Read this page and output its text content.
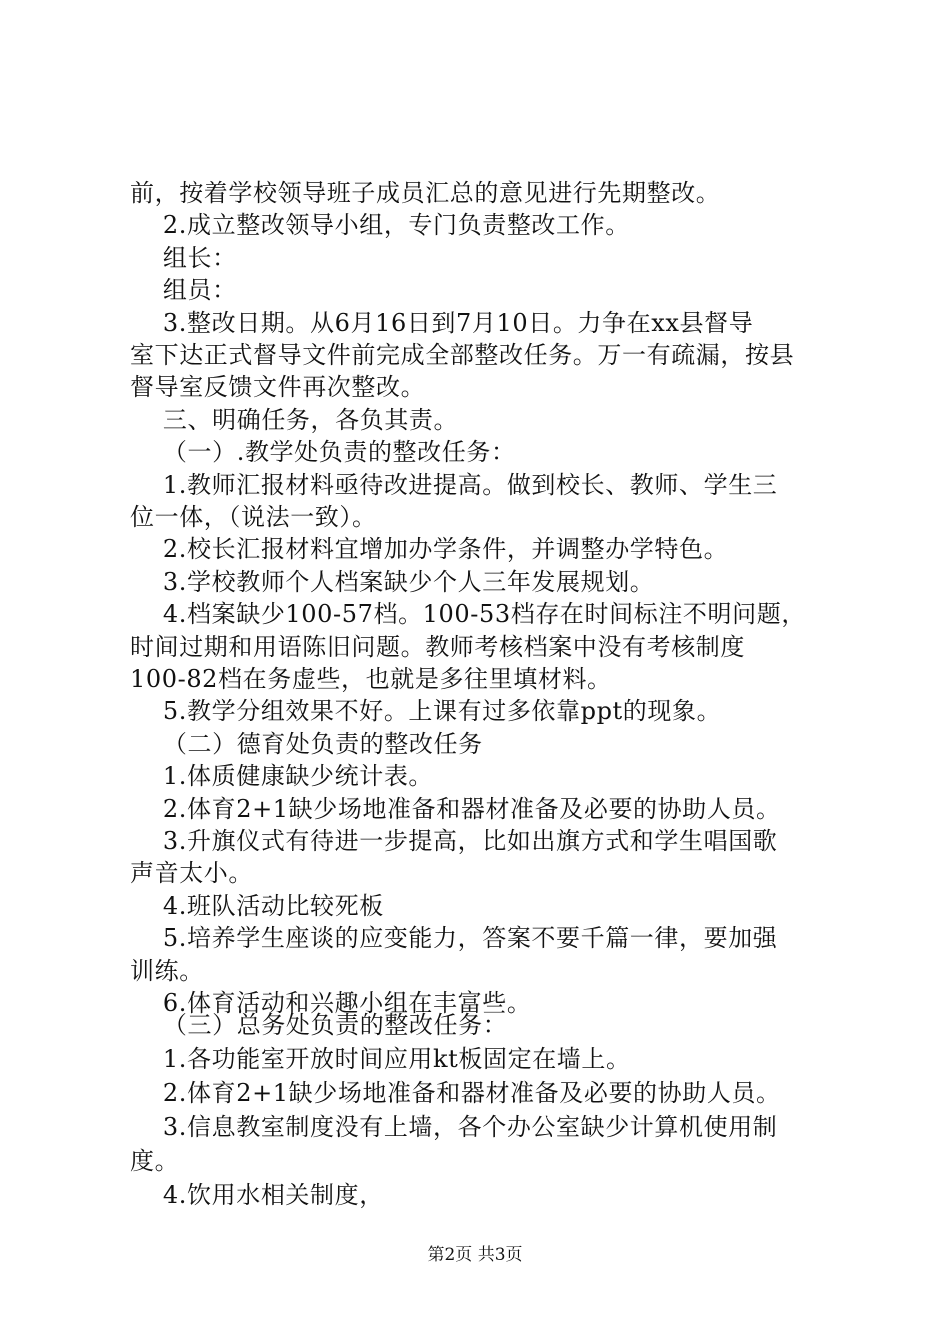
前，按着学校领导班子成员汇总的意见进行先期整改。
2.成立整改领导小组，专门负责整改工作。
组长：
组员：
3.整改日期。从6月16日到7月10日。力争在xx县督导
室下达正式督导文件前完成全部整改任务。万一有疏漏，按县
督导室反馈文件再次整改。
三、明确任务，各负其责。
（一）.教学处负责的整改任务：
1.教师汇报材料亟待改进提高。做到校长、教师、学生三
位一体，（说法一致）。
2.校长汇报材料宜增加办学条件，并调整办学特色。
3.学校教师个人档案缺少个人三年发展规划。
4.档案缺少100-57档。100-53档存在时间标注不明问题，
时间过期和用语陈旧问题。教师考核档案中没有考核制度
100-82档在务虚些，也就是多往里填材料。
5.教学分组效果不好。上课有过多依靠ppt的现象。
（二）德育处负责的整改任务
1.体质健康缺少统计表。
2.体育2+1缺少场地准备和器材准备及必要的协助人员。
3.升旗仪式有待进一步提高，比如出旗方式和学生唱国歌
声音太小。
4.班队活动比较死板
5.培养学生座谈的应变能力，答案不要千篇一律，要加强
训练。
6.体育活动和兴趣小组在丰富些。
（三）总务处负责的整改任务：
1.各功能室开放时间应用kt板固定在墙上。
2.体育2+1缺少场地准备和器材准备及必要的协助人员。
3.信息教室制度没有上墙，各个办公室缺少计算机使用制
度。
4.饮用水相关制度，
第2页 共3页
